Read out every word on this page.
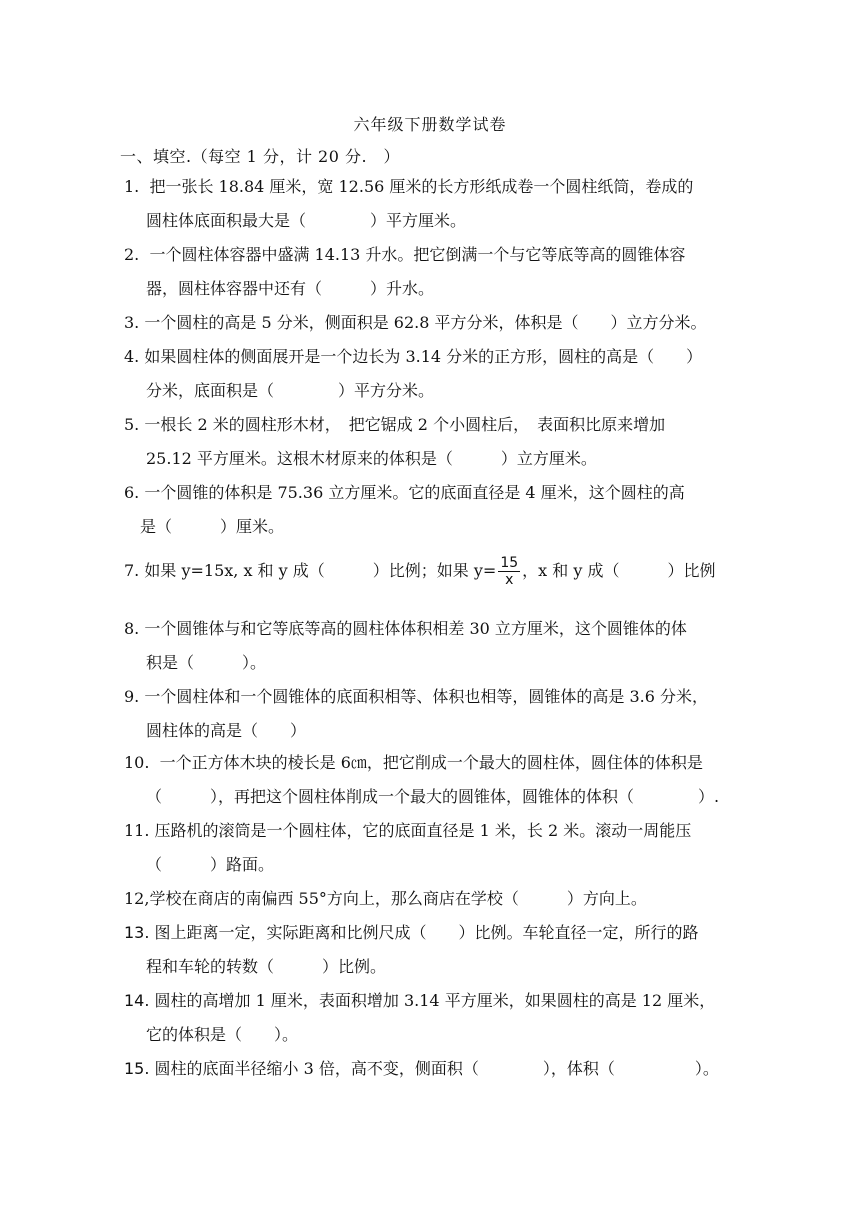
六年级下册数学试卷
一、填空.（每空 1 分，计 20 分.　）
1. 把一张长 18.84 厘米，宽 12.56 厘米的长方形纸成卷一个圆柱纸筒，卷成的
圆柱体底面积最大是（　　　　）平方厘米。
2. 一个圆柱体容器中盛满 14.13 升水。把它倒满一个与它等底等高的圆锥体容
器，圆柱体容器中还有（　　　）升水。
3. 一个圆柱的高是 5 分米，侧面积是 62.8 平方分米，体积是（　　）立方分米。
4. 如果圆柱体的侧面展开是一个边长为 3.14 分米的正方形，圆柱的高是（　　）
分米，底面积是（　　　　）平方分米。
5. 一根长 2 米的圆柱形木材，　把它锯成 2 个小圆柱后，　表面积比原来增加
25.12 平方厘米。这根木材原来的体积是（　　　）立方厘米。
6. 一个圆锥的体积是 75.36 立方厘米。它的底面直径是 4 厘米，这个圆柱的高
是（　　　）厘米。
7. 如果 y=15x, x 和 y 成（　　　）比例；如果 $y= \frac{15}{x}$ ，x 和 y 成（　　　）比例
8. 一个圆锥体与和它等底等高的圆柱体体积相差 30 立方厘米，这个圆锥体的体
积是（　　　）。
9. 一个圆柱体和一个圆锥体的底面积相等、体积也相等，圆锥体的高是 3.6 分米，
圆柱体的高是（　　）
10. 一个正方体木块的棱长是 6㎝，把它削成一个最大的圆柱体，圆住体的体积是
（　　　），再把这个圆柱体削成一个最大的圆锥体，圆锥体的体积（　　　　）.
11. 压路机的滚筒是一个圆柱体，它的底面直径是 1 米，长 2 米。滚动一周能压
（　　　）路面。
12,学校在商店的南偏西 55°方向上，那么商店在学校（　　　）方向上。
13. 图上距离一定，实际距离和比例尺成（　　）比例。车轮直径一定，所行的路
程和车轮的转数（　　　）比例。
14. 圆柱的高增加 1 厘米，表面积增加 3.14 平方厘米，如果圆柱的高是 12 厘米，
它的体积是（　　）。
15. 圆柱的底面半径缩小 3 倍，高不变，侧面积（　　　　），体积（　　　　　）。
